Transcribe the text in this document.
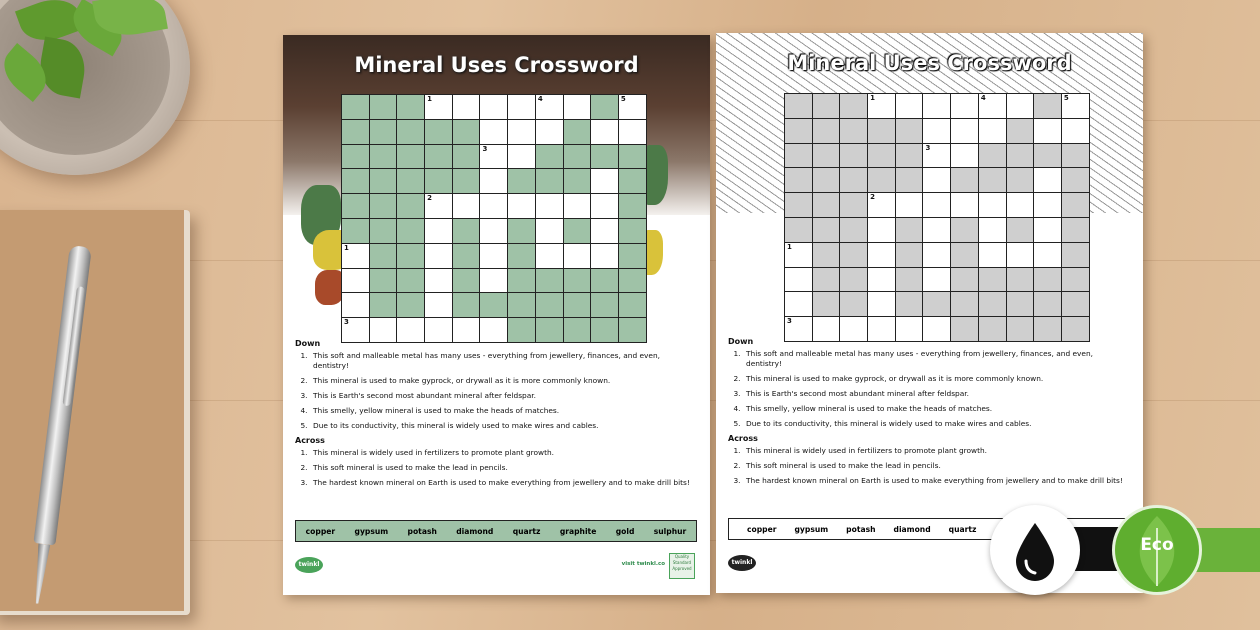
Mineral Uses Crossword
1	4	5
3
2
1
3
Down
1. This soft and malleable metal has many uses - everything from jewellery, finances, and even, dentistry!
2. This mineral is used to make gyprock, or drywall as it is more commonly known.
3. This is Earth's second most abundant mineral after feldspar.
4. This smelly, yellow mineral is used to make the heads of matches.
5. Due to its conductivity, this mineral is widely used to make wires and cables.
Across
1. This mineral is widely used in fertilizers to promote plant growth.
2. This soft mineral is used to make the lead in pencils.
3. The hardest known mineral on Earth is used to make everything from jewellery and to make drill bits!
copper	gypsum	potash	diamond	quartz	graphite	gold	sulphur
twinkl	visit twinkl.co
Quality Standard Approved
Mineral Uses Crossword
1	4	5
3
2
1
3
Down
1. This soft and malleable metal has many uses - everything from jewellery, finances, and even, dentistry!
2. This mineral is used to make gyprock, or drywall as it is more commonly known.
3. This is Earth's second most abundant mineral after feldspar.
4. This smelly, yellow mineral is used to make the heads of matches.
5. Due to its conductivity, this mineral is widely used to make wires and cables.
Across
1. This mineral is widely used in fertilizers to promote plant growth.
2. This soft mineral is used to make the lead in pencils.
3. The hardest known mineral on Earth is used to make everything from jewellery and to make drill bits!
copper gypsum potash diamond quartz
twinkl
Eco
